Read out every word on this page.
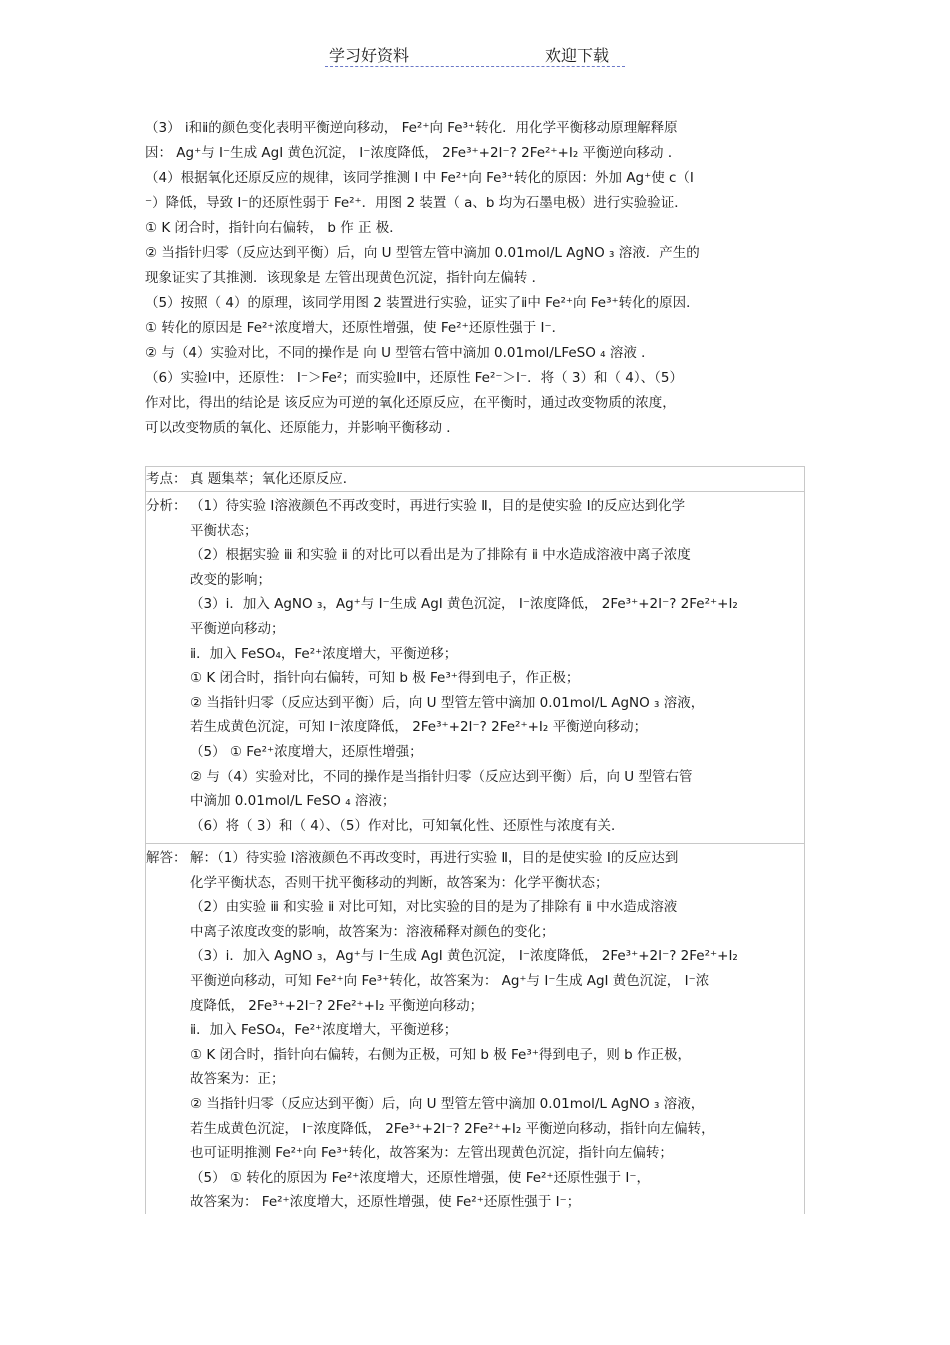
学习好资料	欢迎下载
（3） ⅰ和ⅱ的颜色变化表明平衡逆向移动， Fe²⁺向 Fe³⁺转化．用化学平衡移动原理解释原
因： Ag⁺与 I⁻生成 AgI 黄色沉淀， I⁻浓度降低， 2Fe³⁺+2I⁻? 2Fe²⁺+I₂ 平衡逆向移动 ．
（4）根据氧化还原反应的规律，该同学推测 I 中 Fe²⁺向 Fe³⁺转化的原因：外加 Ag⁺使 c（I
⁻）降低，导致 I⁻的还原性弱于 Fe²⁺．用图 2 装置（ a、b 均为石墨电极）进行实验验证．
① K 闭合时，指针向右偏转， b 作 正 极．
② 当指针归零（反应达到平衡）后，向 U 型管左管中滴加 0.01mol/L AgNO ₃ 溶液．产生的
现象证实了其推测．该现象是 左管出现黄色沉淀，指针向左偏转 ．
（5）按照（ 4）的原理，该同学用图 2 装置进行实验，证实了ⅱ中 Fe²⁺向 Fe³⁺转化的原因．
① 转化的原因是 Fe²⁺浓度增大，还原性增强，使 Fe²⁺还原性强于 I⁻．
② 与（4）实验对比，不同的操作是 向 U 型管右管中滴加 0.01mol/LFeSO ₄ 溶液 ．
（6）实验Ⅰ中，还原性： I⁻＞Fe²；而实验Ⅱ中，还原性 Fe²⁻＞I⁻．将（ 3）和（ 4）、（5）
作对比，得出的结论是 该反应为可逆的氧化还原反应，在平衡时，通过改变物质的浓度，
可以改变物质的氧化、还原能力，并影响平衡移动 ．
考点： 真 题集萃；氧化还原反应．
分析： （1）待实验 Ⅰ溶液颜色不再改变时，再进行实验 Ⅱ，目的是使实验 Ⅰ的反应达到化学
平衡状态；
（2）根据实验 ⅲ 和实验 ⅱ 的对比可以看出是为了排除有 ⅱ 中水造成溶液中离子浓度
改变的影响；
（3）ⅰ．加入 AgNO ₃，Ag⁺与 I⁻生成 AgI 黄色沉淀， I⁻浓度降低， 2Fe³⁺+2I⁻? 2Fe²⁺+I₂
平衡逆向移动；
ⅱ．加入 FeSO₄，Fe²⁺浓度增大，平衡逆移；
① K 闭合时，指针向右偏转，可知 b 极 Fe³⁺得到电子，作正极；
② 当指针归零（反应达到平衡）后，向 U 型管左管中滴加 0.01mol/L AgNO ₃ 溶液，
若生成黄色沉淀，可知 I⁻浓度降低， 2Fe³⁺+2I⁻? 2Fe²⁺+I₂ 平衡逆向移动；
（5） ① Fe²⁺浓度增大，还原性增强；
② 与（4）实验对比，不同的操作是当指针归零（反应达到平衡）后，向 U 型管右管
中滴加 0.01mol/L FeSO ₄ 溶液；
（6）将（ 3）和（ 4）、（5）作对比，可知氧化性、还原性与浓度有关．
解答： 解：（1）待实验 Ⅰ溶液颜色不再改变时，再进行实验 Ⅱ，目的是使实验 Ⅰ的反应达到
化学平衡状态，否则干扰平衡移动的判断，故答案为：化学平衡状态；
（2）由实验 ⅲ 和实验 ⅱ 对比可知，对比实验的目的是为了排除有 ⅱ 中水造成溶液
中离子浓度改变的影响，故答案为：溶液稀释对颜色的变化；
（3）ⅰ．加入 AgNO ₃，Ag⁺与 I⁻生成 AgI 黄色沉淀， I⁻浓度降低， 2Fe³⁺+2I⁻? 2Fe²⁺+I₂
平衡逆向移动，可知 Fe²⁺向 Fe³⁺转化，故答案为： Ag⁺与 I⁻生成 AgI 黄色沉淀， I⁻浓
度降低， 2Fe³⁺+2I⁻? 2Fe²⁺+I₂ 平衡逆向移动；
ⅱ．加入 FeSO₄，Fe²⁺浓度增大，平衡逆移；
① K 闭合时，指针向右偏转，右侧为正极，可知 b 极 Fe³⁺得到电子，则 b 作正极，
故答案为：正；
② 当指针归零（反应达到平衡）后，向 U 型管左管中滴加 0.01mol/L AgNO ₃ 溶液，
若生成黄色沉淀， I⁻浓度降低， 2Fe³⁺+2I⁻? 2Fe²⁺+I₂ 平衡逆向移动，指针向左偏转，
也可证明推测 Fe²⁺向 Fe³⁺转化，故答案为：左管出现黄色沉淀，指针向左偏转；
（5） ① 转化的原因为 Fe²⁺浓度增大，还原性增强，使 Fe²⁺还原性强于 I⁻，
故答案为： Fe²⁺浓度增大，还原性增强，使 Fe²⁺还原性强于 I⁻；
